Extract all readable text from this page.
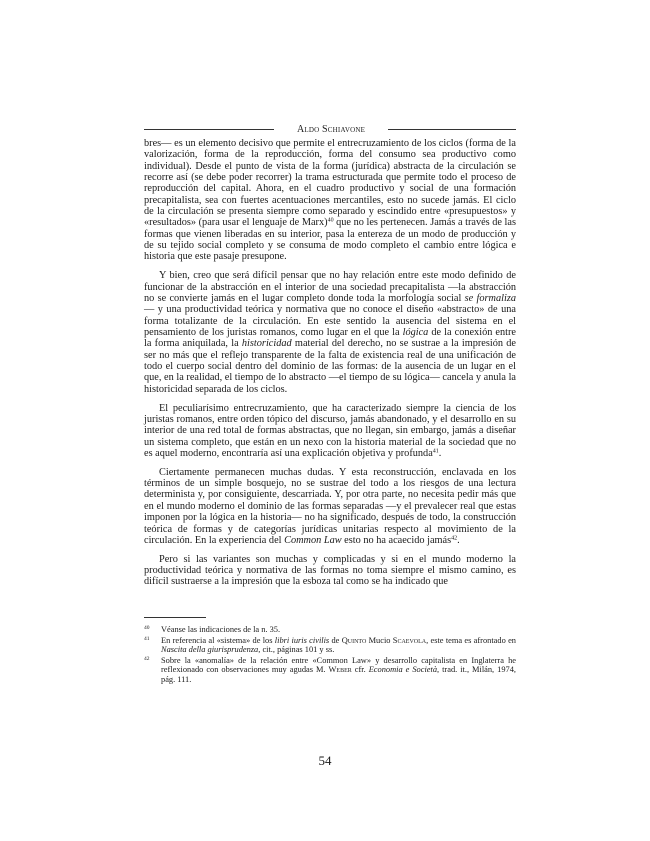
Aldo Schiavone

bres— es un elemento decisivo que permite el entrecruzamiento de los ciclos (forma de la valorización, forma de la reproducción, forma del consumo sea productivo como individual). Desde el punto de vista de la forma (jurídica) abstracta de la circulación se recorre así (se debe poder recorrer) la trama estructurada que permite todo el proceso de reproducción del capital. Ahora, en el cuadro productivo y social de una formación precapitalista, sea con fuertes acentuaciones mercantiles, esto no sucede jamás. El ciclo de la circulación se presenta siempre como separado y escindido entre «presupuestos» y «resultados» (para usar el lenguaje de Marx)$^{40}$ que no les pertenecen. Jamás a través de las formas que vienen liberadas en su interior, pasa la entereza de un modo de producción y de su tejido social completo y se consuma de modo completo el cambio entre lógica e historia que este pasaje presupone.

Y bien, creo que será difícil pensar que no hay relación entre este modo definido de funcionar de la abstracción en el interior de una sociedad precapitalista —la abstracción no se convierte jamás en el lugar completo donde toda la morfología social se formaliza— y una productividad teórica y normativa que no conoce el diseño «abstracto» de una forma totalizante de la circulación. En este sentido la ausencia del sistema en el pensamiento de los juristas romanos, como lugar en el que la lógica de la conexión entre la forma aniquilada, la historicidad material del derecho, no se sustrae a la impresión de ser no más que el reflejo transparente de la falta de existencia real de una unificación de todo el cuerpo social dentro del dominio de las formas: de la ausencia de un lugar en el que, en la realidad, el tiempo de lo abstracto —el tiempo de su lógica— cancela y anula la historicidad separada de los ciclos.

El peculiarísimo entrecruzamiento, que ha caracterizado siempre la ciencia de los juristas romanos, entre orden tópico del discurso, jamás abandonado, y el desarrollo en su interior de una red total de formas abstractas, que no llegan, sin embargo, jamás a diseñar un sistema completo, que están en un nexo con la historia material de la sociedad que no es aquel moderno, encontraría así una explicación objetiva y profunda$^{41}$.

Ciertamente permanecen muchas dudas. Y esta reconstrucción, enclavada en los términos de un simple bosquejo, no se sustrae del todo a los riesgos de una lectura determinista y, por consiguiente, descarriada. Y, por otra parte, no necesita pedir más que en el mundo moderno el dominio de las formas separadas —y el prevalecer real que estas imponen por la lógica en la historia— no ha significado, después de todo, la construcción teórica de formas y de categorías jurídicas unitarias respecto al movimiento de la circulación. En la experiencia del Common Law esto no ha acaecido jamás$^{42}$.

Pero si las variantes son muchas y complicadas y si en el mundo moderno la productividad teórica y normativa de las formas no toma siempre el mismo camino, es difícil sustraerse a la impresión que la esboza tal como se ha indicado que

40 Véanse las indicaciones de la n. 35.
41 En referencia al «sistema» de los libri iuris civilis de Quinto Mucio Scaevola, este tema es afrontado en Nascita della giurisprudenza, cit., páginas 101 y ss.
42 Sobre la «anomalía» de la relación entre «Common Law» y desarrollo capitalista en Inglaterra he reflexionado con observaciones muy agudas M. Weber cfr. Economia e Società, trad. it., Milán, 1974, pág. 111.
54
